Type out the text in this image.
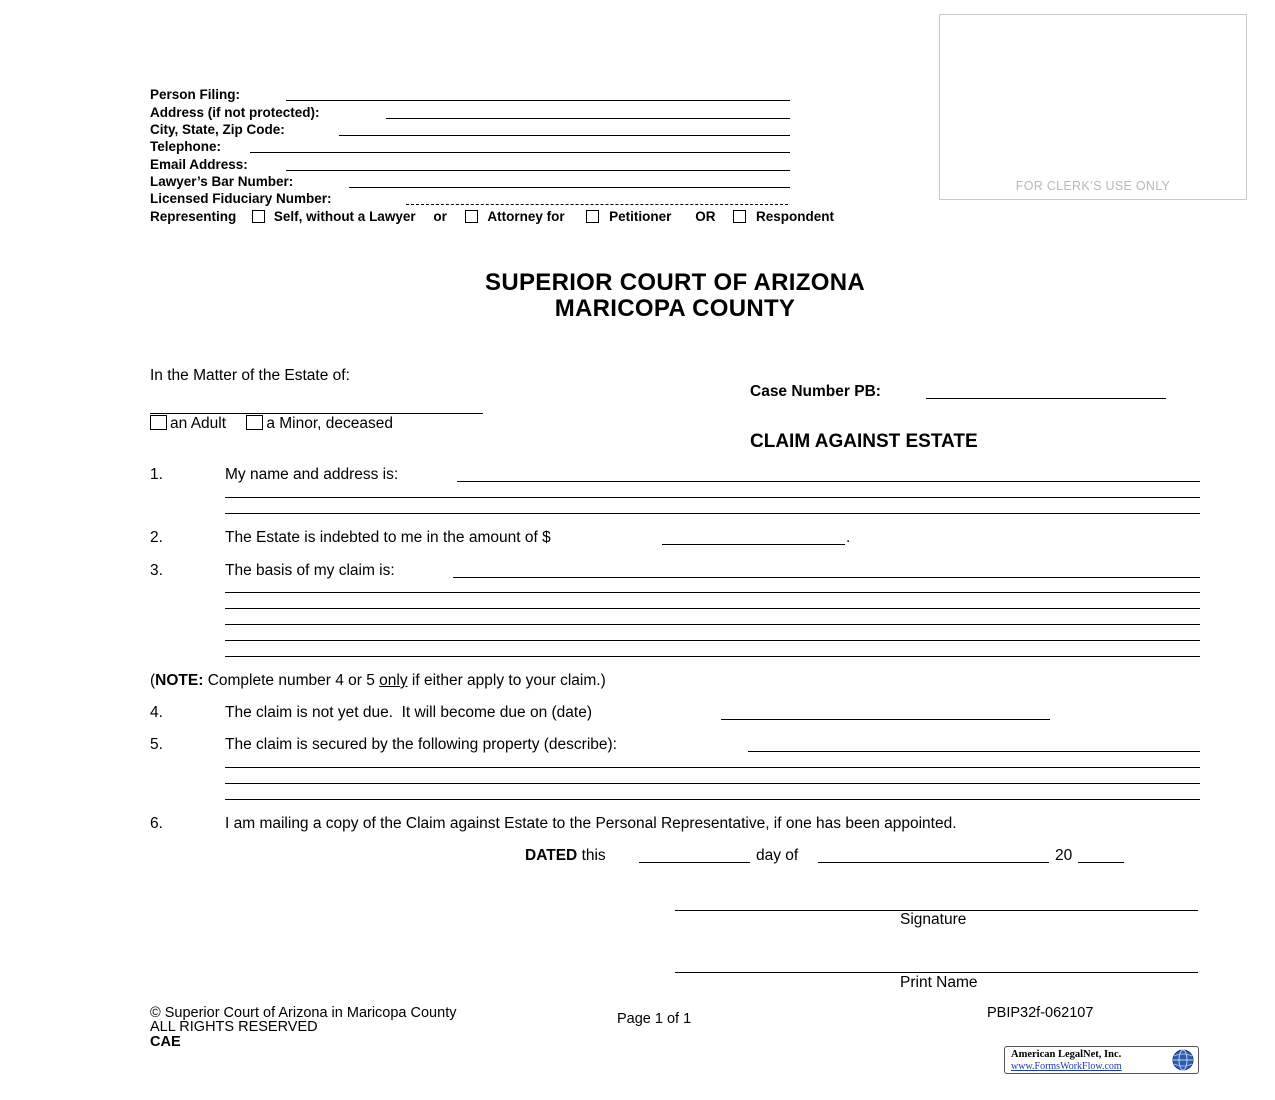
FOR CLERK’S USE ONLY
Person Filing:
Address (if not protected):
City, State, Zip Code:
Telephone:
Email Address:
Lawyer’s Bar Number:
Licensed Fiduciary Number:
Representing	Self, without a Lawyer or	Attorney for	Petitioner OR	Respondent
SUPERIOR COURT OF ARIZONA
MARICOPA COUNTY
In the Matter of the Estate of:
an Adult	a Minor, deceased
Case Number PB:
CLAIM AGAINST ESTATE
1.	My name and address is:
2.	The Estate is indebted to me in the amount of $	.
3.	The basis of my claim is:
(NOTE: Complete number 4 or 5 only if either apply to your claim.)
4.	The claim is not yet due.  It will become due on (date)
5.	The claim is secured by the following property (describe):
6.	I am mailing a copy of the Claim against Estate to the Personal Representative, if one has been appointed.
DATED this	day of	20
Signature
Print Name
© Superior Court of Arizona in Maricopa County
ALL RIGHTS RESERVED
CAE
Page 1 of 1	PBIP32f-062107
American LegalNet, Inc.
www.FormsWorkFlow.com
